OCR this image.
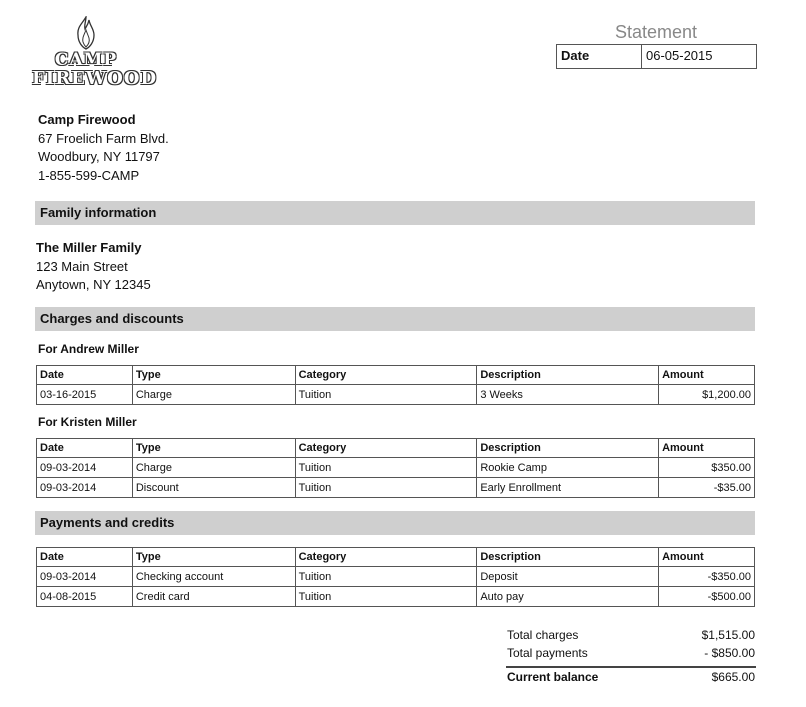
CAMP
FIREWOOD
Statement
Date	06-05-2015
Camp Firewood
67 Froelich Farm Blvd.
Woodbury, NY 11797
1-855-599-CAMP
Family information
The Miller Family
123 Main Street
Anytown, NY 12345
Charges and discounts
For Andrew Miller
Date	Type	Category	Description	Amount
03-16-2015	Charge	Tuition	3 Weeks	$1,200.00
For Kristen Miller
Date	Type	Category	Description	Amount
09-03-2014	Charge	Tuition	Rookie Camp	$350.00
09-03-2014	Discount	Tuition	Early Enrollment	-$35.00
Payments and credits
Date	Type	Category	Description	Amount
09-03-2014	Checking account	Tuition	Deposit	-$350.00
04-08-2015	Credit card	Tuition	Auto pay	-$500.00
Total charges	$1,515.00
Total payments	- $850.00
Current balance	$665.00
